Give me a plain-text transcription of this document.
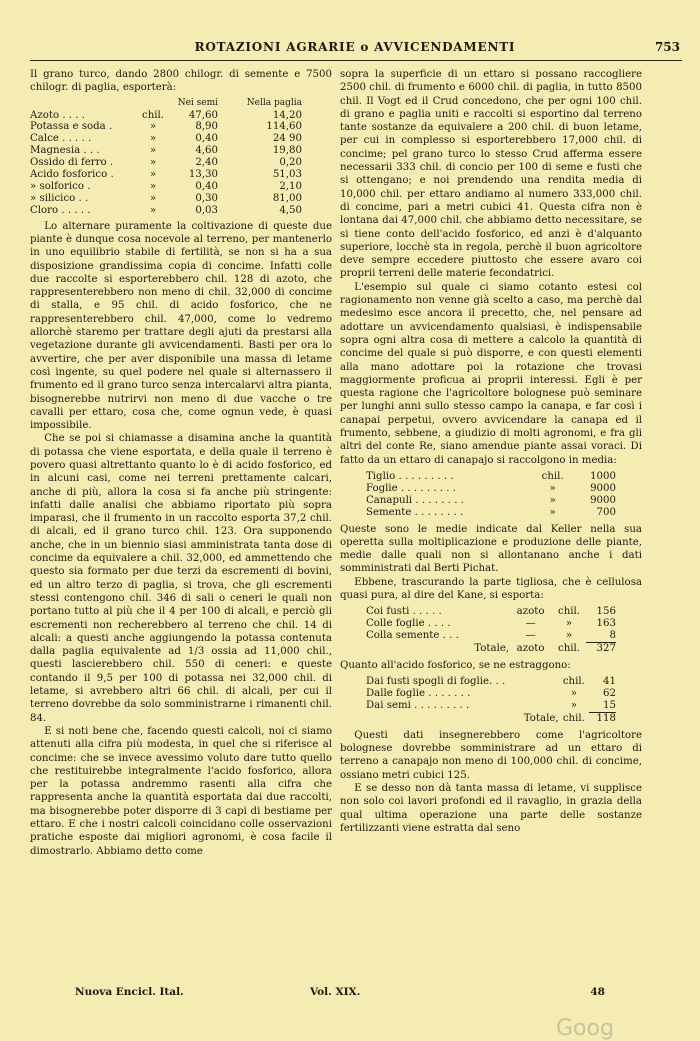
ROTAZIONI AGRARIE o AVVICENDAMENTI	753

Il grano turco, dando 2800 chilogr. di semente e 7500 chilogr. di paglia, esporterà:

		Nei semi	Nella paglia
Azoto . . . .	chil.	47,60	14,20
Potassa e soda .	»	8,90	114,60
Calce . . . . .	»	0,40	24 90
Magnesia . . .	»	4,60	19,80
Ossido di ferro .	»	2,40	0,20
Acido fosforico .	»	13,30	51,03
» solforico .	»	0,40	2,10
» silicico . .	»	0,30	81,00
Cloro . . . . .	»	0,03	4,50

Lo alternare puramente la coltivazione di queste due piante è dunque cosa nocevole al terreno, per mantenerlo in uno equilibrio stabile di fertilità, se non si ha a sua disposizione grandissima copia di concime. Infatti colle due raccolte si esporterebbero chil. 128 di azoto, che rappresenterebbero non meno di chil. 32,000 di concime di stalla, e 95 chil. di acido fosforico, che ne rappresenterebbero chil. 47,000, come lo vedremo allorchè staremo per trattare degli ajuti da prestarsi alla vegetazione durante gli avvicendamenti. Basti per ora lo avvertire, che per aver disponibile una massa di letame così ingente, su quel podere nel quale si alternassero il frumento ed il grano turco senza intercalarvi altra pianta, bisognerebbe nutrirvi non meno di due vacche o tre cavalli per ettaro, cosa che, come ognun vede, è quasi impossibile.

Che se poi si chiamasse a disamina anche la quantità di potassa che viene esportata, e della quale il terreno è povero quasi altrettanto quanto lo è di acido fosforico, ed in alcuni casi, come nei terreni prettamente calcari, anche di più, allora la cosa si fa anche più stringente: infatti dalle analisi che abbiamo riportato più sopra imparasi, che il frumento in un raccolto esporta 37,2 chil. di alcali, ed il grano turco chil. 123. Ora supponendo anche, che in un biennio siasi amministrata tanta dose di concime da equivalere a chil. 32,000, ed ammettendo che questo sia formato per due terzi da escrementi di bovini, ed un altro terzo di paglia, si trova, che gli escrementi stessi contengono chil. 346 di sali o ceneri le quali non portano tutto al più che il 4 per 100 di alcali, e perciò gli escrementi non recherebbero al terreno che chil. 14 di alcali: a questi anche aggiungendo la potassa contenuta dalla paglia equivalente ad 1/3 ossia ad 11,000 chil., questi lascierebbero chil. 550 di ceneri: e queste contando il 9,5 per 100 di potassa nei 32,000 chil. di letame, si avrebbero altri 66 chil. di alcali, per cui il terreno dovrebbe da solo somministrarne i rimanenti chil. 84.

E si noti bene che, facendo questi calcoli, noi ci siamo attenuti alla cifra più modesta, in quel che si riferisce al concime: che se invece avessimo voluto dare tutto quello che restituirebbe integralmente l'acido fosforico, allora per la potassa andremmo rasenti alla cifra che rappresenta anche la quantità esportata dai due raccolti, ma bisognerebbe poter disporre di 3 capi di bestiame per ettaro. E che i nostri calcoli coincidano colle osservazioni pratiche esposte dai migliori agronomi, è cosa facile il dimostrarlo. Abbiamo detto come

sopra la superficie di un ettaro si possano raccogliere 2500 chil. di frumento e 6000 chil. di paglia, in tutto 8500 chil. Il Vogt ed il Crud concedono, che per ogni 100 chil. di grano e paglia uniti e raccolti si esportino dal terreno tante sostanze da equivalere a 200 chil. di buon letame, per cui in complesso si esporterebbero 17,000 chil. di concime; pel grano turco lo stesso Crud afferma essere necessarii 333 chil. di concio per 100 di seme e fusti che si ottengano; e noi prendendo una rendita media di 10,000 chil. per ettaro andiamo al numero 333,000 chil. di concime, pari a metri cubici 41. Questa cifra non è lontana dai 47,000 chil. che abbiamo detto necessitare, se si tiene conto dell'acido fosforico, ed anzi è d'alquanto superiore, locchè sta in regola, perchè il buon agricoltore deve sempre eccedere piuttosto che essere avaro coi proprii terreni delle materie fecondatrici.

L'esempio sul quale ci siamo cotanto estesi col ragionamento non venne già scelto a caso, ma perchè dal medesimo esce ancora il precetto, che, nel pensare ad adottare un avvicendamento qualsiasi, è indispensabile sopra ogni altra cosa di mettere a calcolo la quantità di concime del quale si può disporre, e con questi elementi alla mano adottare poi la rotazione che trovasi maggiormente proficua ai proprii interessi. Egli è per questa ragione che l'agricoltore bolognese può seminare per lunghi anni sullo stesso campo la canapa, e far così i canapai perpetui, ovvero avvicendare la canapa ed il frumento, sebbene, a giudizio di molti agronomi, e fra gli altri del conte Re, siano amendue piante assai voraci. Di fatto da un ettaro di canapajo si raccolgono in media:

Tiglio . . . . . . . . .	chil.	1000
Foglie . . . . . . . . .	»	9000
Canapuli . . . . . . . .	»	9000
Semente . . . . . . . .	»	700

Queste sono le medie indicate dal Keller nella sua operetta sulla moltiplicazione e produzione delle piante, medie dalle quali non si allontanano anche i dati somministrati dal Berti Pichat.

Ebbene, trascurando la parte tigliosa, che è cellulosa quasi pura, al dire del Kane, si esporta:

Coi fusti . . . . .	azoto	chil.	156
Colle foglie . . . .	—	»	163
Colla semente . . .	—	»	8
Totale,	azoto	chil.	327

Quanto all'acido fosforico, se ne estraggono:

Dai fusti spogli di foglie. . .	chil.	41
Dalle foglie . . . . . . .	»	62
Dai semi . . . . . . . . .	»	15
Totale,	chil.	118

Questi dati insegnerebbero come l'agricoltore bolognese dovrebbe somministrare ad un ettaro di terreno a canapajo non meno di 100,000 chil. di concime, ossiano metri cubici 125.

E se desso non dà tanta massa di letame, vi supplisce non solo coi lavori profondi ed il ravaglio, in grazia della qual ultima operazione una parte delle sostanze fertilizzanti viene estratta dal seno

Nuova Encicl. Ital.	Vol. XIX.	48
Goog
